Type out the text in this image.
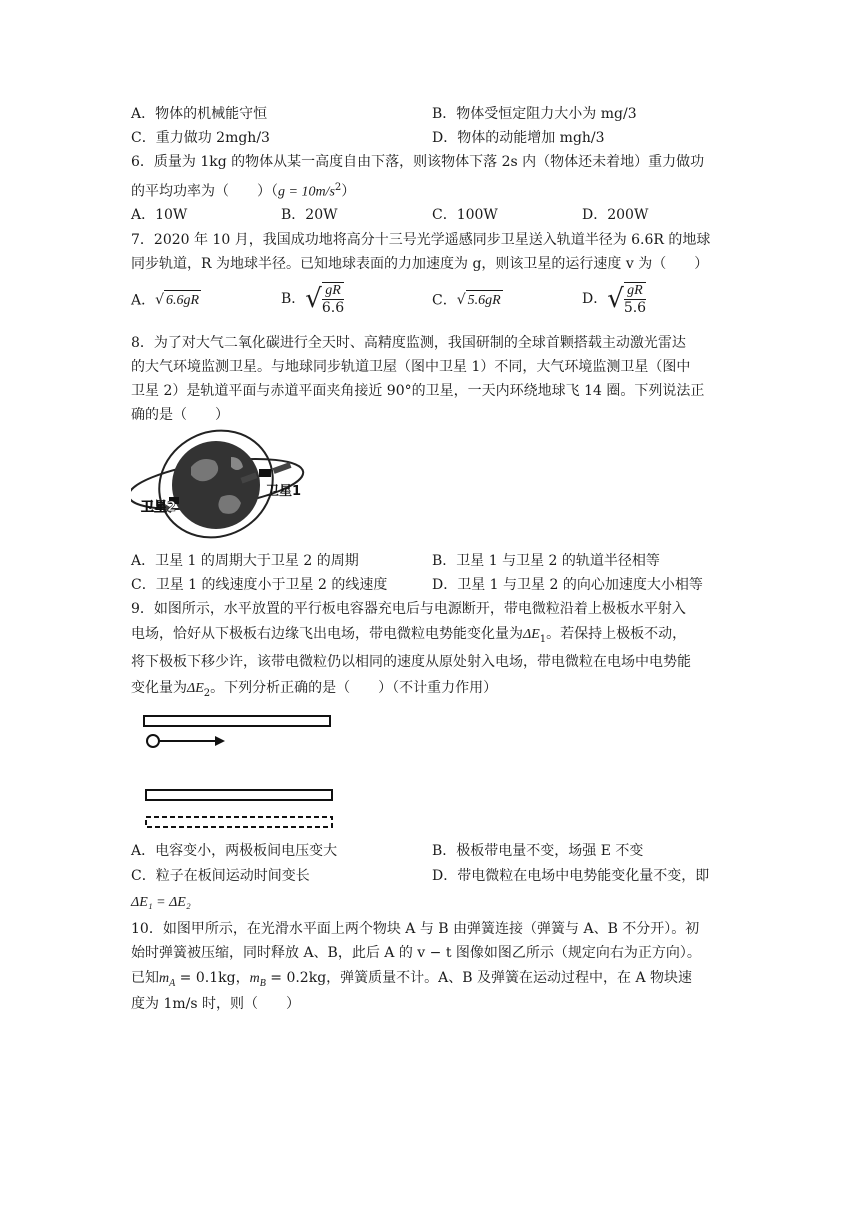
A．物体的机械能守恒	B．物体受恒定阻力大小为 mg/3
C．重力做功 2mgh/3	D．物体的动能增加 mgh/3
6．质量为 1kg 的物体从某一高度自由下落，则该物体下落 2s 内（物体还未着地）重力做功
的平均功率为（　　）$(g = 10m/s^2)$
A．10W	B．20W	C．100W	D．200W
7．2020 年 10 月，我国成功地将高分十三号光学遥感同步卫星送入轨道半径为 6.6R 的地球
同步轨道，R 为地球半径。已知地球表面的力加速度为 g，则该卫星的运行速度 v 为（　　）
A．√ 6.6gR	B．√ $\frac{gR}{6.6}$	C．√ 5.6gR	D．√ $\frac{gR}{5.6}$
8．为了对大气二氧化碳进行全天时、高精度监测，我国研制的全球首颗搭载主动激光雷达
的大气环境监测卫星。与地球同步轨道卫屋（图中卫星 1）不同，大气环境监测卫星（图中
卫星 2）是轨道平面与赤道平面夹角接近 90°的卫星，一天内环绕地球飞 14 圈。下列说法正
确的是（　　）
卫星1
卫星2
A．卫星 1 的周期大于卫星 2 的周期	B．卫星 1 与卫星 2 的轨道半径相等
C．卫星 1 的线速度小于卫星 2 的线速度	D．卫星 1 与卫星 2 的向心加速度大小相等
9．如图所示，水平放置的平行板电容器充电后与电源断开，带电微粒沿着上极板水平射入
电场，恰好从下极板右边缘飞出电场，带电微粒电势能变化量为$\Delta E_1$。若保持上极板不动，
将下极板下移少许，该带电微粒仍以相同的速度从原处射入电场，带电微粒在电场中电势能
变化量为$\Delta E_2$。下列分析正确的是（　　）（不计重力作用）
A．电容变小，两极板间电压变大	B．极板带电量不变，场强 E 不变
C．粒子在板间运动时间变长	D．带电微粒在电场中电势能变化量不变，即
ΔE₁ = ΔE₂
10．如图甲所示，在光滑水平面上两个物块 A 与 B 由弹簧连接（弹簧与 A、B 不分开）。初
始时弹簧被压缩，同时释放 A、B，此后 A 的 v − t 图像如图乙所示（规定向右为正方向）。
已知$m_A = 0.1kg$，$m_B = 0.2kg$，弹簧质量不计。A、B 及弹簧在运动过程中，在 A 物块速
度为 1m/s 时，则（　　）
